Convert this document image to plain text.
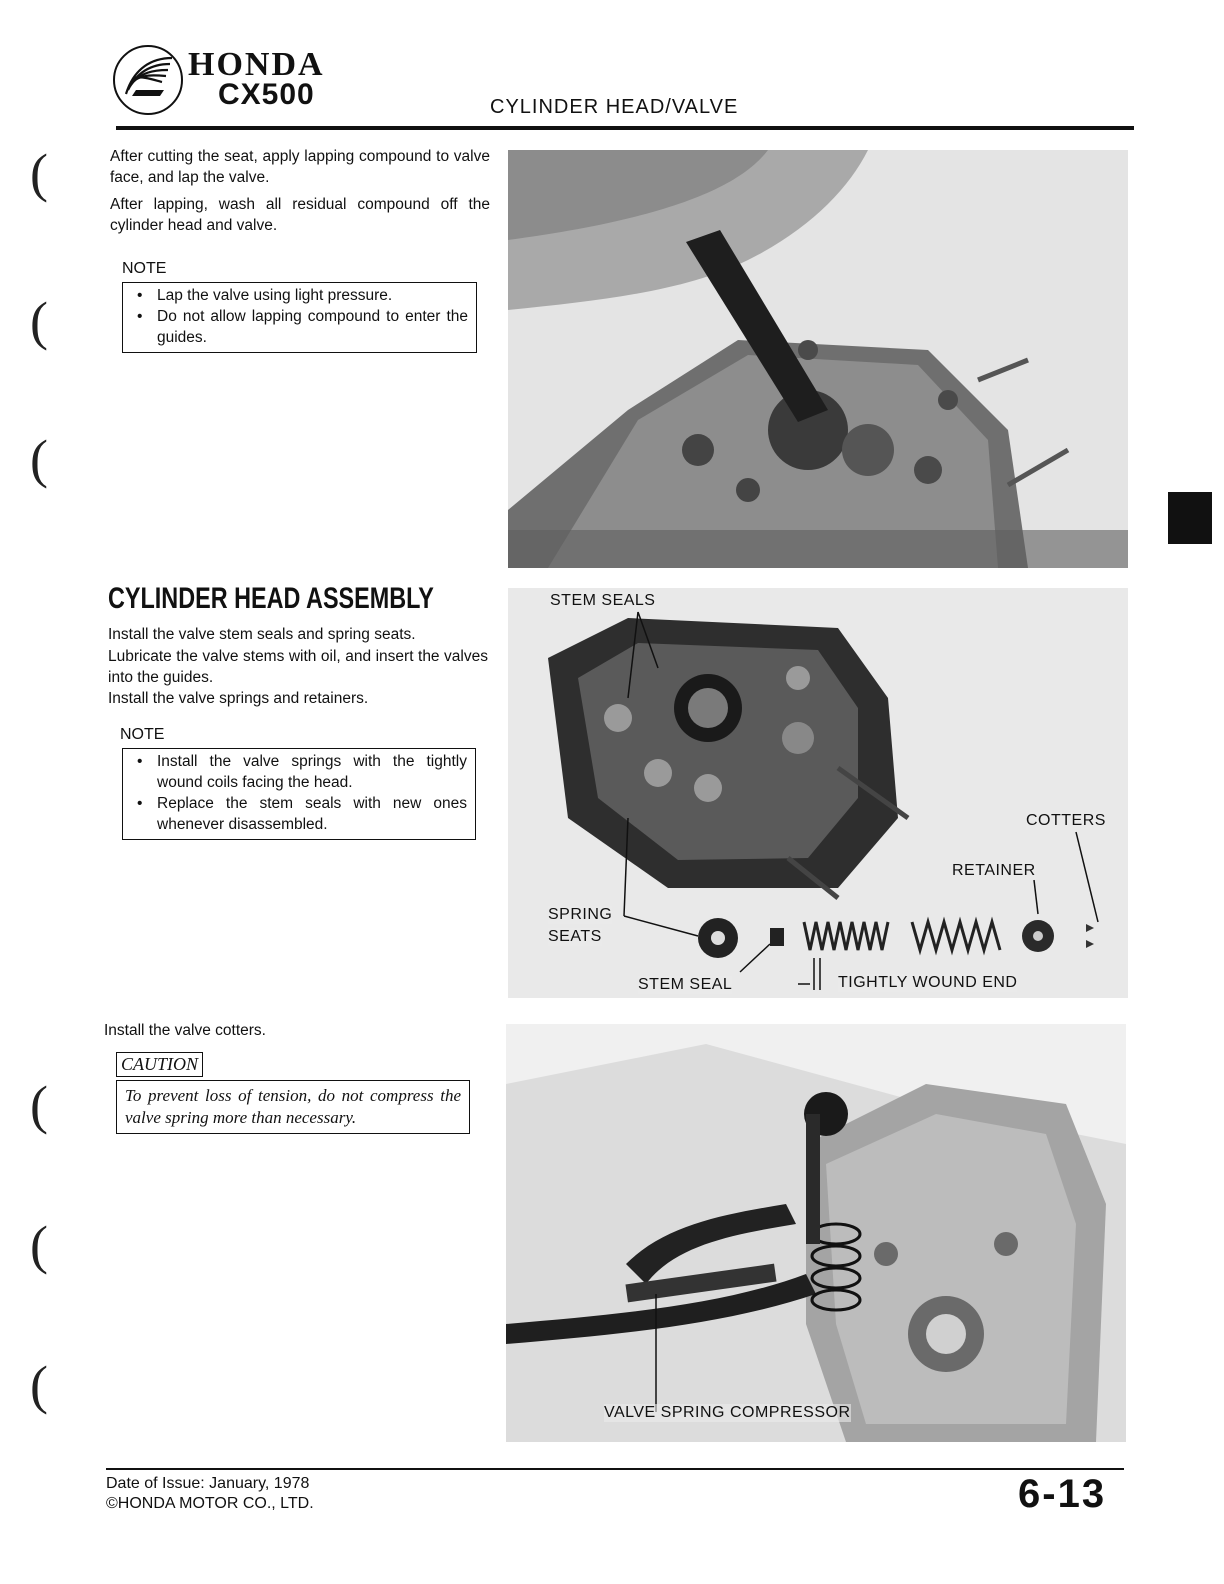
HONDA
CX500	CYLINDER HEAD/VALVE
(
(
(
(
(
(
After cutting the seat, apply lapping compound to valve face, and lap the valve.
After lapping, wash all residual compound off the cylinder head and valve.
NOTE
• Lap the valve using light pressure.
• Do not allow lapping compound to enter the guides.
CYLINDER HEAD ASSEMBLY
Install the valve stem seals and spring seats.
Lubricate the valve stems with oil, and insert the valves into the guides.
Install the valve springs and retainers.
NOTE
• Install the valve springs with the tightly wound coils facing the head.
• Replace the stem seals with new ones whenever disassembled.
Install the valve cotters.
CAUTION
To prevent loss of tension, do not compress the valve spring more than necessary.
STEM SEALS
COTTERS
RETAINER
SPRING
SEATS
STEM SEAL	TIGHTLY WOUND END
VALVE SPRING COMPRESSOR
Date of Issue: January, 1978
©HONDA MOTOR CO., LTD.	6-13
